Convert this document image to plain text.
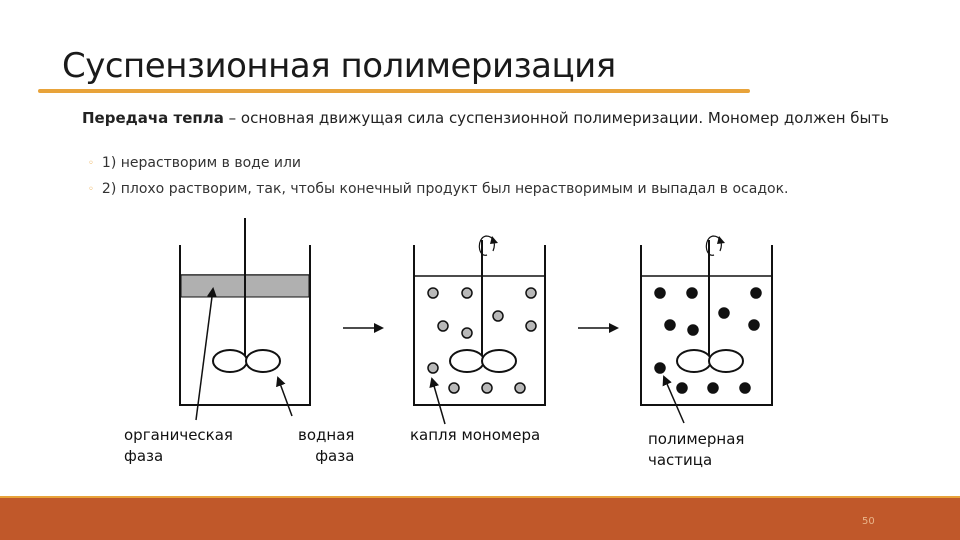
Суспензионная полимеризация
Передача тепла – основная движущая сила суспензионной полимеризации. Мономер должен быть
◦ 1) нерастворим в воде или
◦ 2) плохо растворим, так, чтобы конечный продукт был нерастворимым и выпадал в осадок.
органическая
фаза
водная
фаза
капля мономера	полимерная
частица
50
